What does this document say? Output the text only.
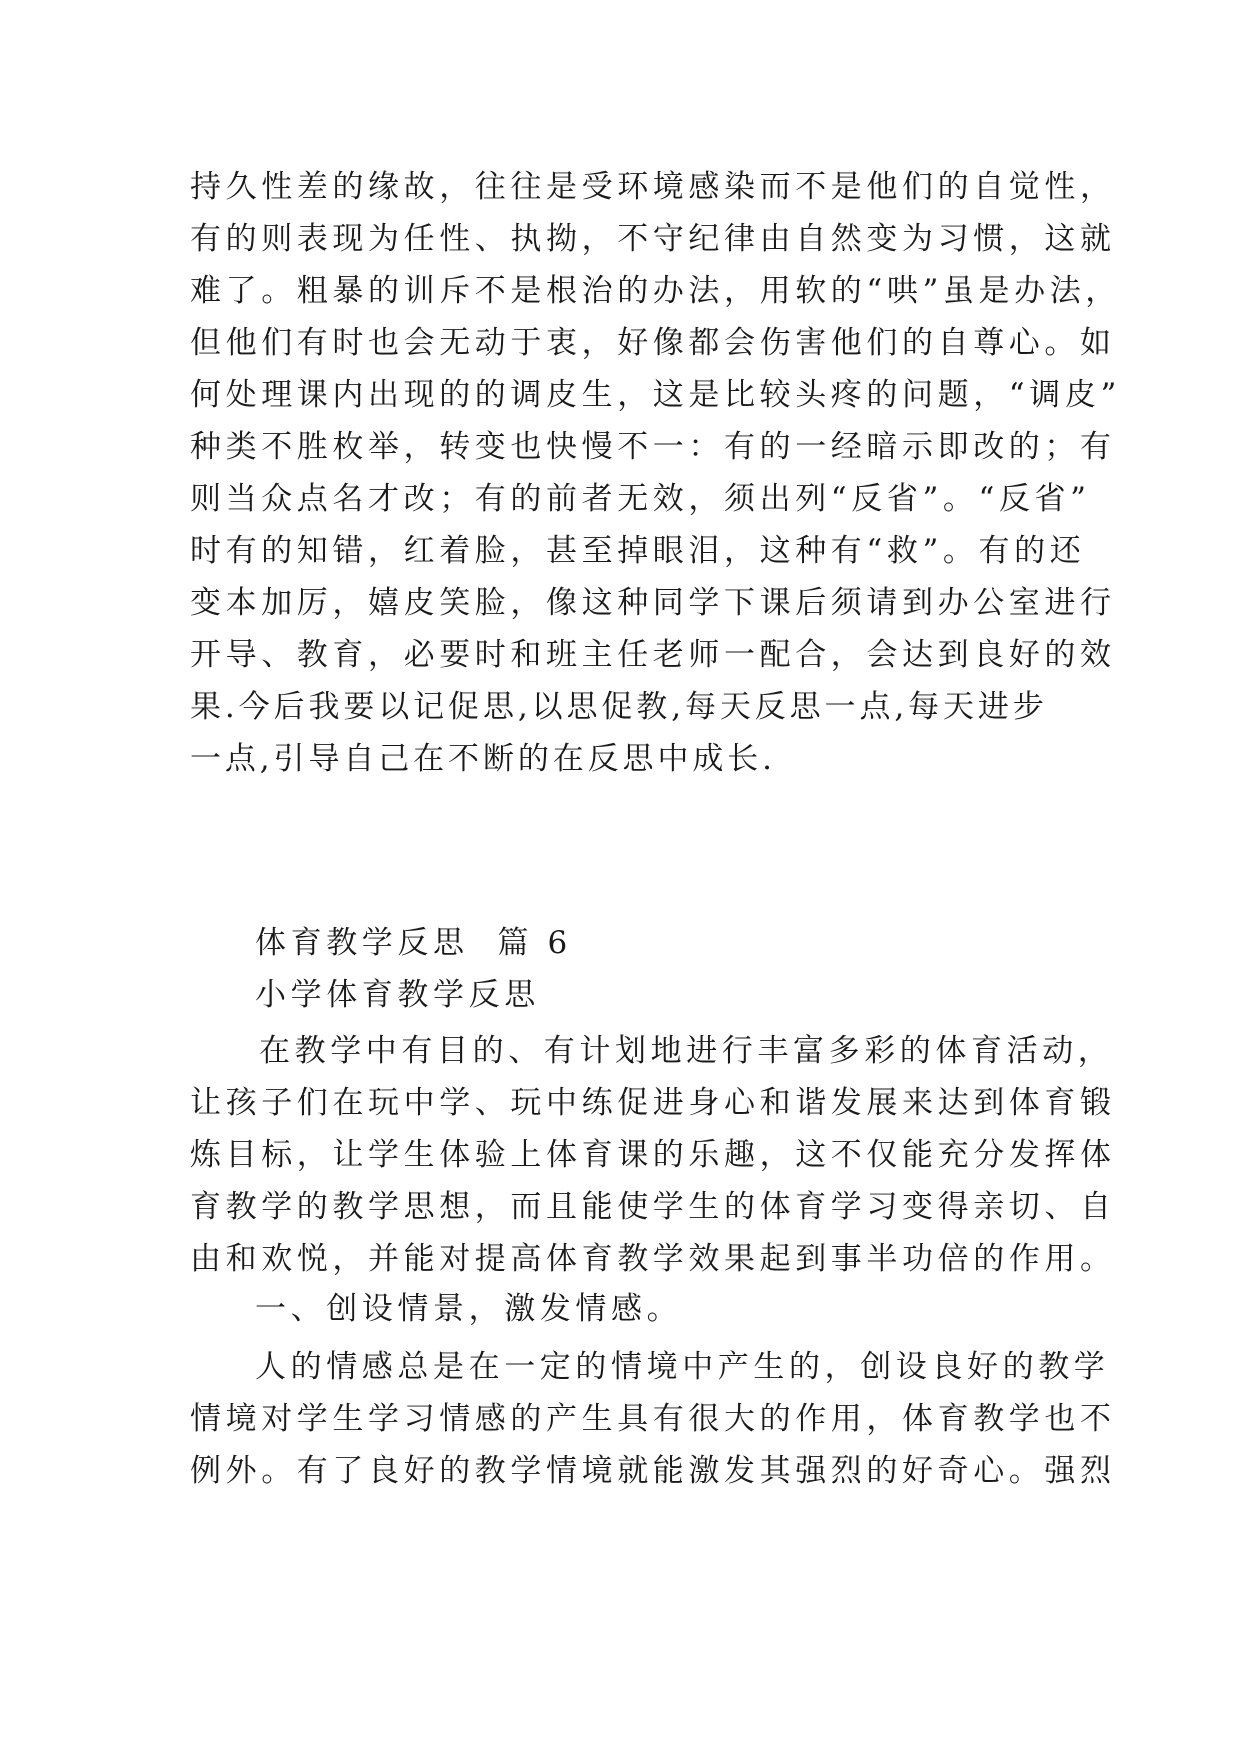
持久性差的缘故，往往是受环境感染而不是他们的自觉性，
有的则表现为任性、执拗，不守纪律由自然变为习惯，这就
难了。粗暴的训斥不是根治的办法，用软的“哄”虽是办法，
但他们有时也会无动于衷，好像都会伤害他们的自尊心。如
何处理课内出现的的调皮生，这是比较头疼的问题，“调皮”
种类不胜枚举，转变也快慢不一：有的一经暗示即改的；有
则当众点名才改；有的前者无效，须出列“反省”。“反省”
时有的知错，红着脸，甚至掉眼泪，这种有“救”。有的还
变本加厉，嬉皮笑脸，像这种同学下课后须请到办公室进行
开导、教育，必要时和班主任老师一配合，会达到良好的效
果.今后我要以记促思,以思促教,每天反思一点,每天进步
一点,引导自己在不断的在反思中成长.
体育教学反思  篇 6
小学体育教学反思
在教学中有目的、有计划地进行丰富多彩的体育活动，
让孩子们在玩中学、玩中练促进身心和谐发展来达到体育锻
炼目标，让学生体验上体育课的乐趣，这不仅能充分发挥体
育教学的教学思想，而且能使学生的体育学习变得亲切、自
由和欢悦，并能对提高体育教学效果起到事半功倍的作用。
一、创设情景，激发情感。
人的情感总是在一定的情境中产生的，创设良好的教学
情境对学生学习情感的产生具有很大的作用，体育教学也不
例外。有了良好的教学情境就能激发其强烈的好奇心。强烈
